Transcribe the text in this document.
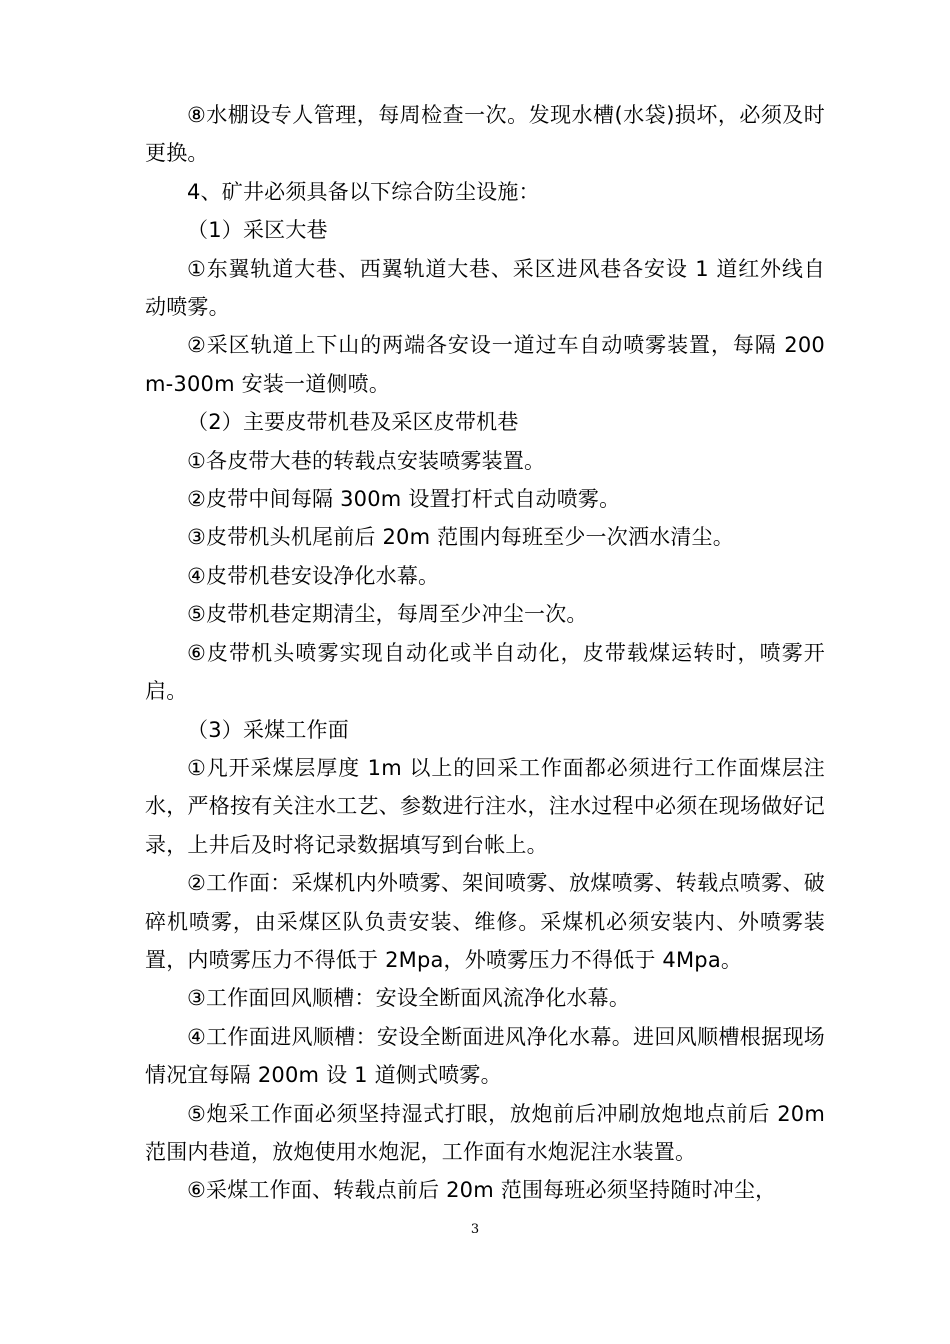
⑧水棚设专人管理，每周检查一次。发现水槽(水袋)损坏，必须及时更换。

4、矿井必须具备以下综合防尘设施：

（1）采区大巷

①东翼轨道大巷、西翼轨道大巷、采区进风巷各安设 1 道红外线自动喷雾。

②采区轨道上下山的两端各安设一道过车自动喷雾装置，每隔 200m-300m 安装一道侧喷。

（2）主要皮带机巷及采区皮带机巷

①各皮带大巷的转载点安装喷雾装置。

②皮带中间每隔 300m 设置打杆式自动喷雾。

③皮带机头机尾前后 20m 范围内每班至少一次洒水清尘。

④皮带机巷安设净化水幕。

⑤皮带机巷定期清尘，每周至少冲尘一次。

⑥皮带机头喷雾实现自动化或半自动化，皮带载煤运转时，喷雾开启。

（3）采煤工作面

①凡开采煤层厚度 1m 以上的回采工作面都必须进行工作面煤层注水，严格按有关注水工艺、参数进行注水，注水过程中必须在现场做好记录，上井后及时将记录数据填写到台帐上。

②工作面：采煤机内外喷雾、架间喷雾、放煤喷雾、转载点喷雾、破碎机喷雾，由采煤区队负责安装、维修。采煤机必须安装内、外喷雾装置，内喷雾压力不得低于 2Mpa，外喷雾压力不得低于 4Mpa。

③工作面回风顺槽：安设全断面风流净化水幕。

④工作面进风顺槽：安设全断面进风净化水幕。进回风顺槽根据现场情况宜每隔 200m 设 1 道侧式喷雾。

⑤炮采工作面必须坚持湿式打眼，放炮前后冲刷放炮地点前后 20m 范围内巷道，放炮使用水炮泥，工作面有水炮泥注水装置。

⑥采煤工作面、转载点前后 20m 范围每班必须坚持随时冲尘，

3
